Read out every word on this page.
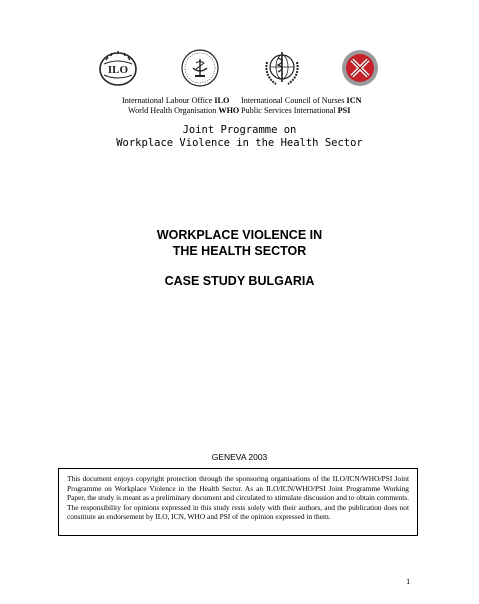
ILO
International Labour Office ILO International Council of Nurses ICN
World Health Organisation WHO Public Services International PSI
Joint Programme on
Workplace Violence in the Health Sector
WORKPLACE VIOLENCE IN
THE HEALTH SECTOR
CASE STUDY BULGARIA
GENEVA 2003
This document enjoys copyright protection through the sponsoring organisations of the ILO/ICN/WHO/PSI Joint Programme on Workplace Violence in the Health Sector. As an ILO/ICN/WHO/PSI Joint Programme Working Paper, the study is meant as a preliminary document and circulated to stimulate discussion and to obtain comments. The responsibility for opinions expressed in this study rests solely with their authors, and the publication does not constitute an endorsement by ILO, ICN, WHO and PSI of the opinion expressed in them.
1
